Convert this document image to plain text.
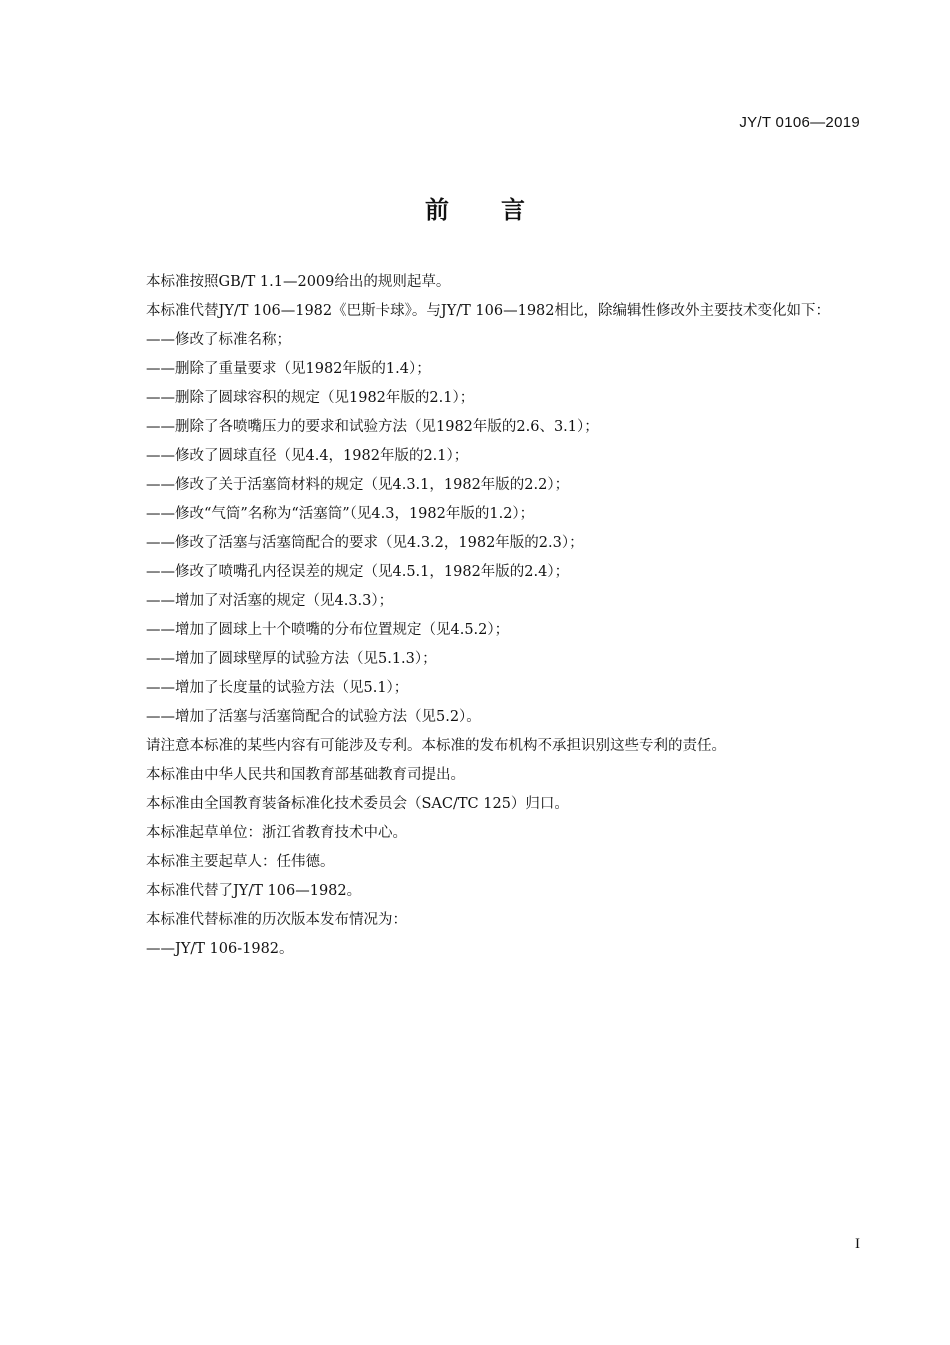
JY/T 0106—2019
前言

本标准按照GB/T 1.1—2009给出的规则起草。

本标准代替JY/T 106—1982《巴斯卡球》。与JY/T 106—1982相比，除编辑性修改外主要技术变化如下：

——修改了标准名称；

——删除了重量要求（见1982年版的1.4）；

——删除了圆球容积的规定（见1982年版的2.1）；

——删除了各喷嘴压力的要求和试验方法（见1982年版的2.6、3.1）；

——修改了圆球直径（见4.4，1982年版的2.1）；

——修改了关于活塞筒材料的规定（见4.3.1，1982年版的2.2）；

——修改“气筒”名称为“活塞筒”（见4.3，1982年版的1.2）；

——修改了活塞与活塞筒配合的要求（见4.3.2，1982年版的2.3）；

——修改了喷嘴孔内径误差的规定（见4.5.1，1982年版的2.4）；

——增加了对活塞的规定（见4.3.3）；

——增加了圆球上十个喷嘴的分布位置规定（见4.5.2）；

——增加了圆球壁厚的试验方法（见5.1.3）；

——增加了长度量的试验方法（见5.1）；

——增加了活塞与活塞筒配合的试验方法（见5.2）。

请注意本标准的某些内容有可能涉及专利。本标准的发布机构不承担识别这些专利的责任。

本标准由中华人民共和国教育部基础教育司提出。

本标准由全国教育装备标准化技术委员会（SAC/TC 125）归口。

本标准起草单位：浙江省教育技术中心。

本标准主要起草人：任伟德。

本标准代替了JY/T 106—1982。

本标准代替标准的历次版本发布情况为：

——JY/T 106-1982。

I
